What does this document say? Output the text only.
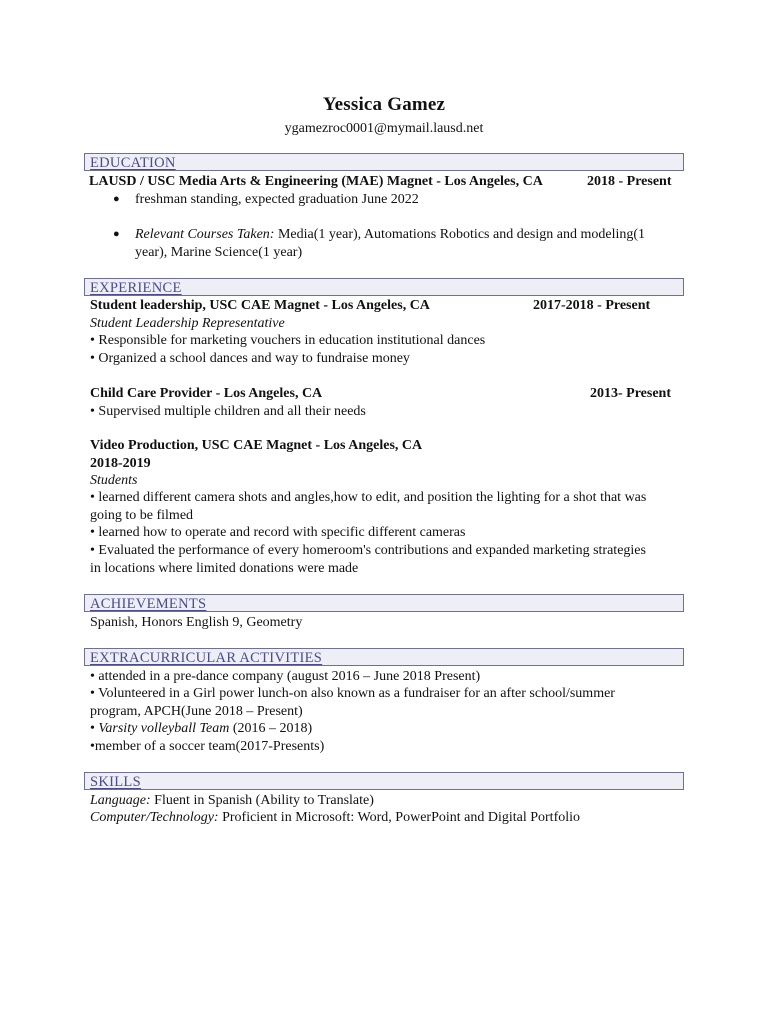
Yessica Gamez
ygamezroc0001@mymail.lausd.net
EDUCATION
LAUSD / USC Media Arts & Engineering (MAE) Magnet - Los Angeles, CA	2018 - Present
● freshman standing, expected graduation June 2022
● Relevant Courses Taken: Media(1 year), Automations Robotics and design and modeling(1
year), Marine Science(1 year)
EXPERIENCE
Student leadership, USC CAE Magnet - Los Angeles, CA	2017-2018 - Present
Student Leadership Representative
• Responsible for marketing vouchers in education institutional dances
• Organized a school dances and way to fundraise money
Child Care Provider - Los Angeles, CA	2013- Present
• Supervised multiple children and all their needs
Video Production, USC CAE Magnet - Los Angeles, CA
2018-2019
Students
• learned different camera shots and angles,how to edit, and position the lighting for a shot that was
going to be filmed
• learned how to operate and record with specific different cameras
• Evaluated the performance of every homeroom's contributions and expanded marketing strategies
in locations where limited donations were made
ACHIEVEMENTS
Spanish, Honors English 9, Geometry
EXTRACURRICULAR ACTIVITIES
• attended in a pre-dance company (august 2016 – June 2018 Present)
• Volunteered in a Girl power lunch-on also known as a fundraiser for an after school/summer
program, APCH(June 2018 – Present)
• Varsity volleyball Team (2016 – 2018)
•member of a soccer team(2017-Presents)
SKILLS
Language: Fluent in Spanish (Ability to Translate)
Computer/Technology: Proficient in Microsoft: Word, PowerPoint and Digital Portfolio
